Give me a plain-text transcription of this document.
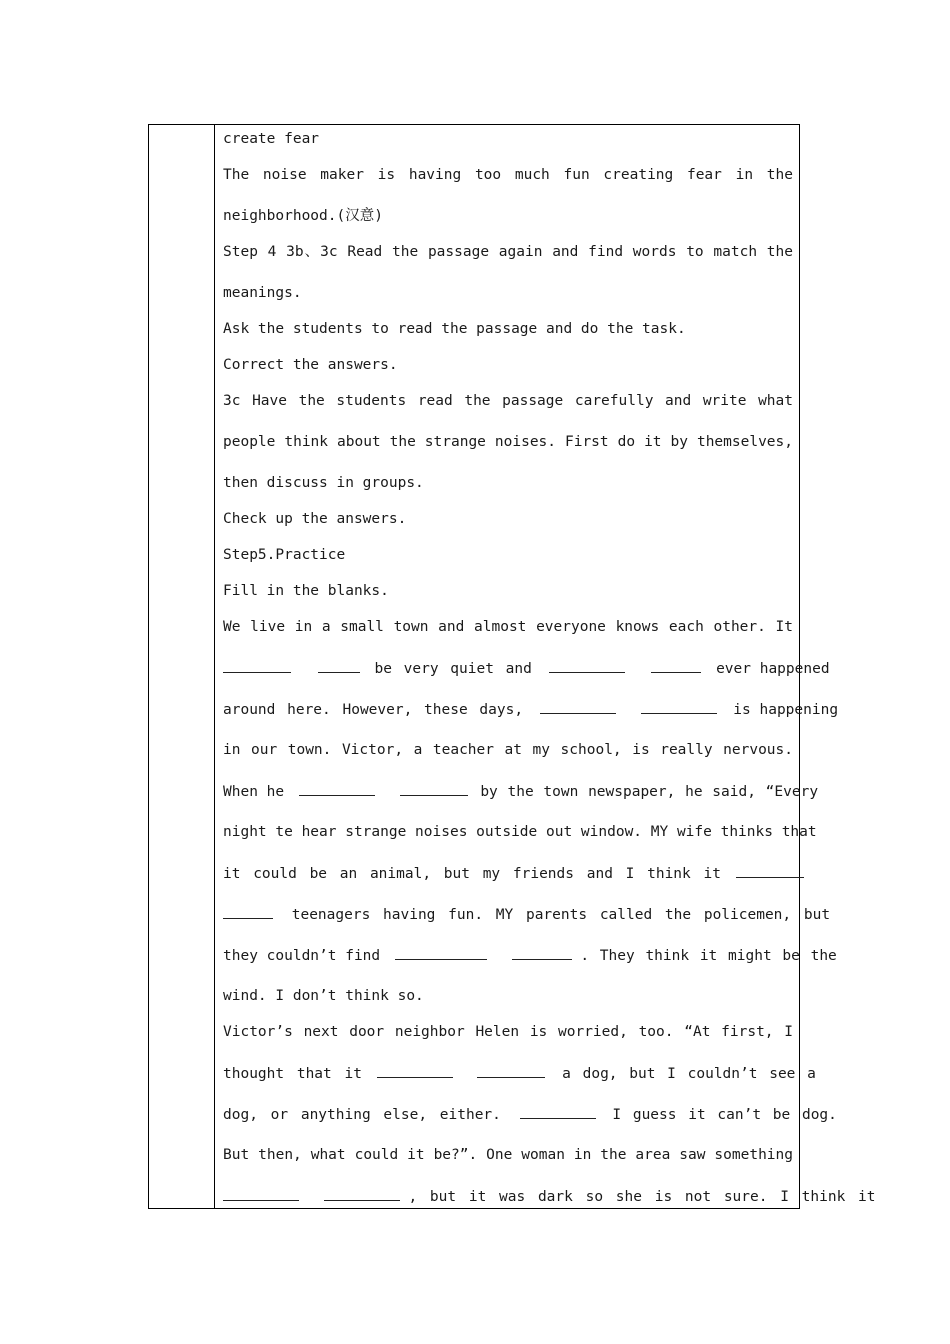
create fear
The noise maker is having too much fun creating fear in the
neighborhood.(汉意)
Step 4 3b、3c Read the passage again and find words to match the
meanings.
Ask the students to read the passage and do the task.
Correct the answers.
3c Have the students read the passage carefully and write what
people think about the strange noises. First do it by themselves,
then discuss in groups.
Check up the answers.
Step5.Practice
Fill in the blanks.
We live in a small town and almost everyone knows each other. It
be very quiet and	ever happened
around here. However, these days,	is happening
in our town. Victor, a teacher at my school, is really nervous.
When he	by the town newspaper, he said, “Every
night te hear strange noises outside out window. MY wife thinks that
it could be an animal, but my friends and I think it
teenagers having fun. MY parents called the policemen, but
they couldn’t find	. They think it might be the
wind. I don’t think so.
Victor’s next door neighbor Helen is worried, too. “At first, I
thought that it	a dog, but I couldn’t see a
dog, or anything else, either.	I guess it can’t be dog.
But then, what could it be?”. One woman in the area saw something
, but it was dark so she is not sure. I think it
